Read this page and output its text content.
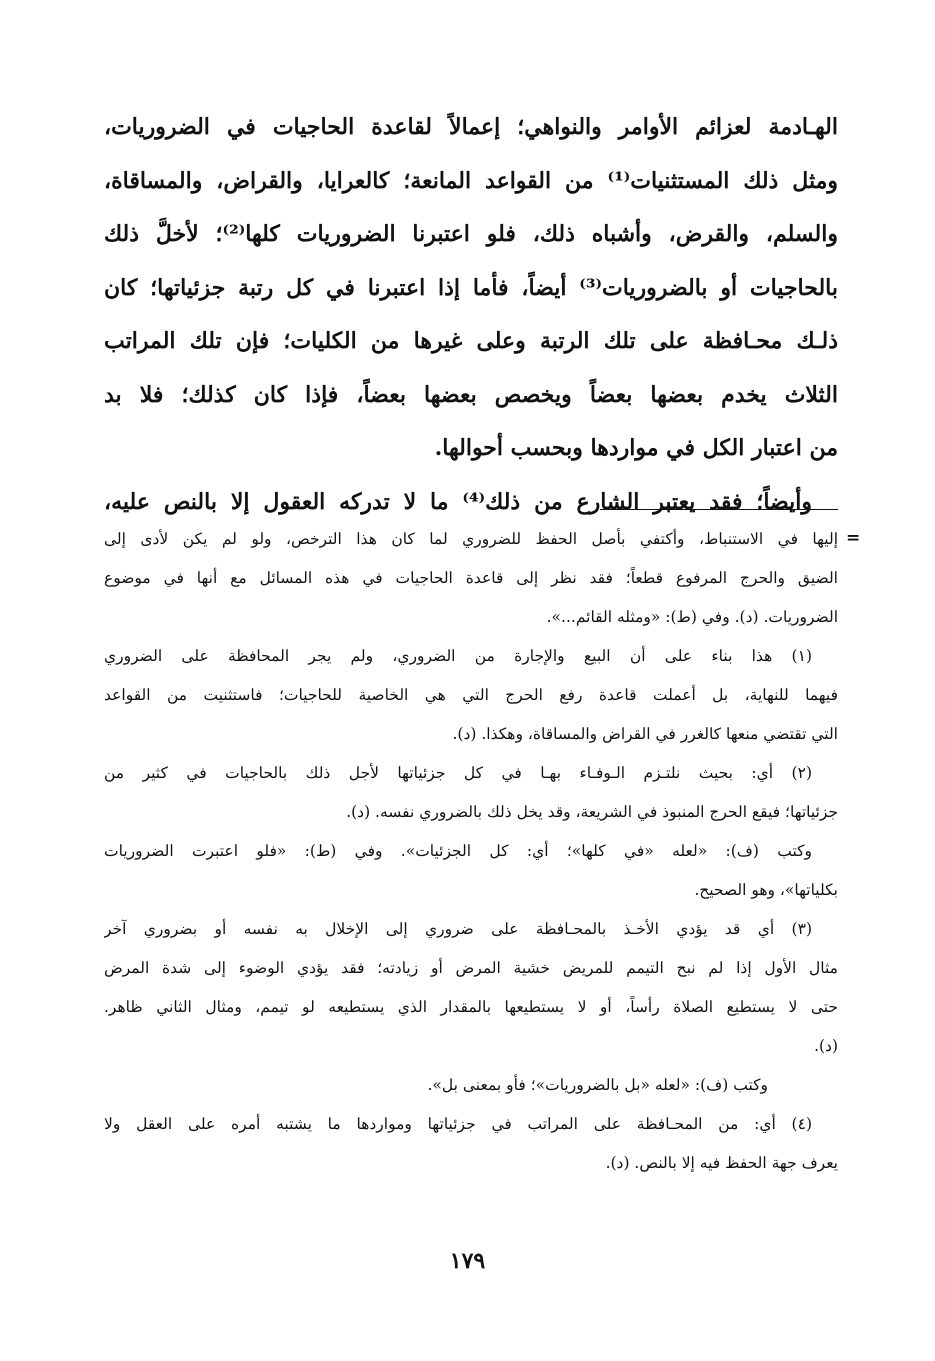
الهـادمة لعزائم الأوامر والنواهي؛ إعمالاً لقاعدة الحاجيات في الضروريات،
ومثل ذلك المستثنيات⁽¹⁾ من القواعد المانعة؛ كالعرايا، والقراض، والمساقاة،
والسلم، والقرض، وأشباه ذلك، فلو اعتبرنا الضروريات كلها⁽²⁾؛ لأخلَّ ذلك
بالحاجيات أو بالضروريات⁽³⁾ أيضاً، فأما إذا اعتبرنا في كل رتبة جزئياتها؛ كان
ذلـك محـافظة على تلك الرتبة وعلى غيرها من الكليات؛ فإن تلك المراتب
الثلاث يخدم بعضها بعضاً ويخصص بعضها بعضاً، فإذا كان كذلك؛ فلا بد
من اعتبار الكل في مواردها وبحسب أحوالها.
وأيضاً؛ فقد يعتبر الشارع من ذلك⁽⁴⁾ ما لا تدركه العقول إلا بالنص عليه،
=
إليها في الاستنباط، وأكتفي بأصل الحفظ للضروري لما كان هذا الترخص، ولو لم يكن لأدى إلى
الضيق والحرج المرفوع قطعاً؛ فقد نظر إلى قاعدة الحاجيات في هذه المسائل مع أنها في موضوع
الضروريات. (د). وفي (ط): «ومثله القائم...».
(١) هذا بناء على أن البيع والإجارة من الضروري، ولم يجر المحافظة على الضروري
فيهما للنهاية، بل أعملت قاعدة رفع الحرج التي هي الخاصية للحاجيات؛ فاستثنيت من القواعد
التي تقتضي منعها كالغرر في القراض والمساقاة، وهكذا. (د).
(٢) أي: بحيث نلتـزم الـوفـاء بهـا في كل جزئياتها لأجل ذلك بالحاجيات في كثير من
جزئياتها؛ فيقع الحرج المنبوذ في الشريعة، وقد يخل ذلك بالضروري نفسه. (د).
وكتب (ف): «لعله «في كلها»؛ أي: كل الجزئيات». وفي (ط): «فلو اعتبرت الضروريات
بكلياتها»، وهو الصحيح.
(٣) أي قد يؤدي الأخـذ بالمحـافظة على ضروري إلى الإخلال به نفسه أو بضروري آخر
مثال الأول إذا لم نبح التيمم للمريض خشية المرض أو زيادته؛ فقد يؤدي الوضوء إلى شدة المرض
حتى لا يستطيع الصلاة رأساً، أو لا يستطيعها بالمقدار الذي يستطيعه لو تيمم، ومثال الثاني ظاهر.
(د).
وكتب (ف): «لعله «بل بالضروريات»؛ فأو بمعنى بل».
(٤) أي: من المحـافظة على المراتب في جزئياتها ومواردها ما يشتبه أمره على العقل ولا
يعرف جهة الحفظ فيه إلا بالنص. (د).
١٧٩
